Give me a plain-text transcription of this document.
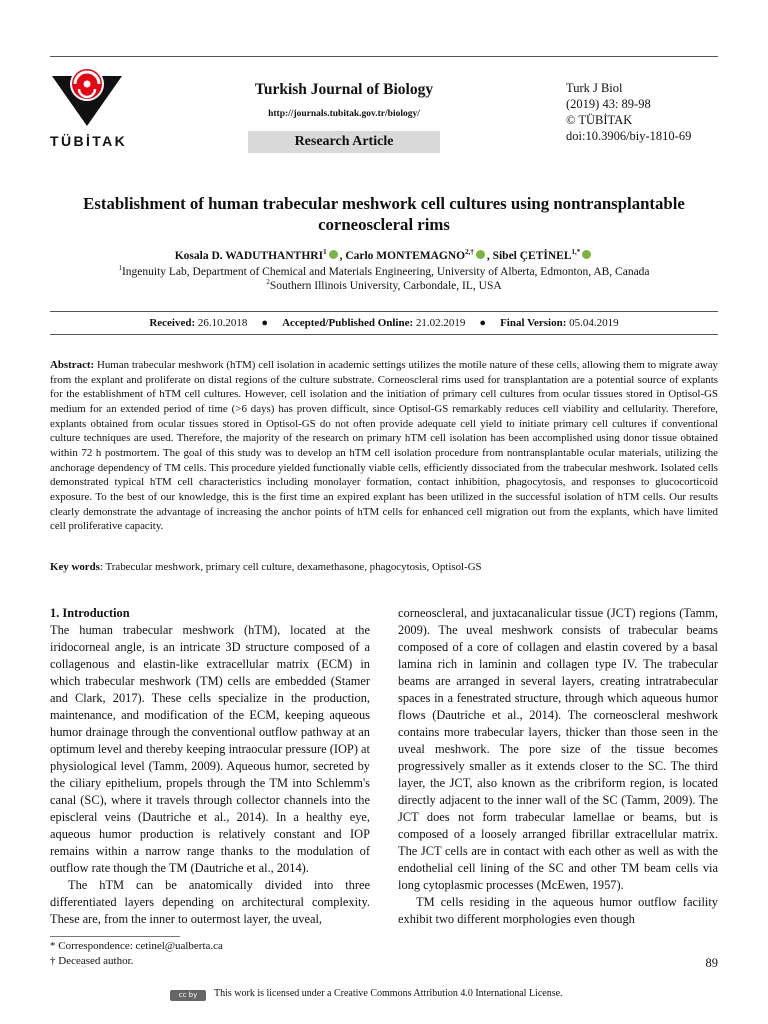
TÜBİTAK
Turkish Journal of Biology
http://journals.tubitak.gov.tr/biology/
Research Article
Turk J Biol
(2019) 43: 89-98
© TÜBİTAK
doi:10.3906/biy-1810-69
Establishment of human trabecular meshwork cell cultures using nontransplantable corneoscleral rims
Kosala D. WADUTHANTHRI$^1$ , Carlo $MONTEMAGNO^{2,\dagger}$ , Sibel $ÇETİNEL^{1,*}$
$^1$Ingenuity Lab, Department of Chemical and Materials Engineering, University of Alberta, Edmonton, AB, Canada
$^2$Southern Illinois University, Carbondale, IL, USA
Received: 26.10.2018 ● Accepted/Published Online: 21.02.2019 ● Final Version: 05.04.2019
Abstract: Human trabecular meshwork (hTM) cell isolation in academic settings utilizes the motile nature of these cells, allowing them to migrate away from the explant and proliferate on distal regions of the culture substrate. Corneoscleral rims used for transplantation are a potential source of explants for the establishment of hTM cell cultures. However, cell isolation and the initiation of primary cell cultures from ocular tissues stored in Optisol-GS medium for an extended period of time (>6 days) has proven difficult, since Optisol-GS remarkably reduces cell viability and cellularity. Therefore, explants obtained from ocular tissues stored in Optisol-GS do not often provide adequate cell yield to initiate primary cell cultures if conventional culture techniques are used. Therefore, the majority of the research on primary hTM cell isolation has been accomplished using donor tissue obtained within 72 h postmortem. The goal of this study was to develop an hTM cell isolation procedure from nontransplantable ocular materials, utilizing the anchorage dependency of TM cells. This procedure yielded functionally viable cells, efficiently dissociated from the trabecular meshwork. Isolated cells demonstrated typical hTM cell characteristics including monolayer formation, contact inhibition, phagocytosis, and responses to glucocorticoid exposure. To the best of our knowledge, this is the first time an expired explant has been utilized in the successful isolation of hTM cells. Our results clearly demonstrate the advantage of increasing the anchor points of hTM cells for enhanced cell migration out from the explants, which have limited cell proliferative capacity.
Key words: Trabecular meshwork, primary cell culture, dexamethasone, phagocytosis, Optisol-GS

1. Introduction

The human trabecular meshwork (hTM), located at the iridocorneal angle, is an intricate 3D structure composed of a collagenous and elastin-like extracellular matrix (ECM) in which trabecular meshwork (TM) cells are embedded (Stamer and Clark, 2017). These cells specialize in the production, maintenance, and modification of the ECM, keeping aqueous humor drainage through the conventional outflow pathway at an optimum level and thereby keeping intraocular pressure (IOP) at physiological level (Tamm, 2009). Aqueous humor, secreted by the ciliary epithelium, propels through the TM into Schlemm's canal (SC), where it travels through collector channels into the episcleral veins (Dautriche et al., 2014). In a healthy eye, aqueous humor production is relatively constant and IOP remains within a narrow range thanks to the modulation of outflow rate though the TM (Dautriche et al., 2014).

The hTM can be anatomically divided into three differentiated layers depending on architectural complexity. These are, from the inner to outermost layer, the uveal,

corneoscleral, and juxtacanalicular tissue (JCT) regions (Tamm, 2009). The uveal meshwork consists of trabecular beams composed of a core of collagen and elastin covered by a basal lamina rich in laminin and collagen type IV. The trabecular beams are arranged in several layers, creating intratrabecular spaces in a fenestrated structure, through which aqueous humor flows (Dautriche et al., 2014). The corneoscleral meshwork contains more trabecular layers, thicker than those seen in the uveal meshwork. The pore size of the tissue becomes progressively smaller as it extends closer to the SC. The third layer, the JCT, also known as the cribriform region, is located directly adjacent to the inner wall of the SC (Tamm, 2009). The JCT does not form trabecular lamellae or beams, but is composed of a loosely arranged fibrillar extracellular matrix. The JCT cells are in contact with each other as well as with the endothelial cell lining of the SC and other TM beam cells via long cytoplasmic processes (McEwen, 1957).

TM cells residing in the aqueous humor outflow facility exhibit two different morphologies even though

* Correspondence: cetinel@ualberta.ca
† Deceased author.	89
cc by This work is licensed under a Creative Commons Attribution 4.0 International License.
